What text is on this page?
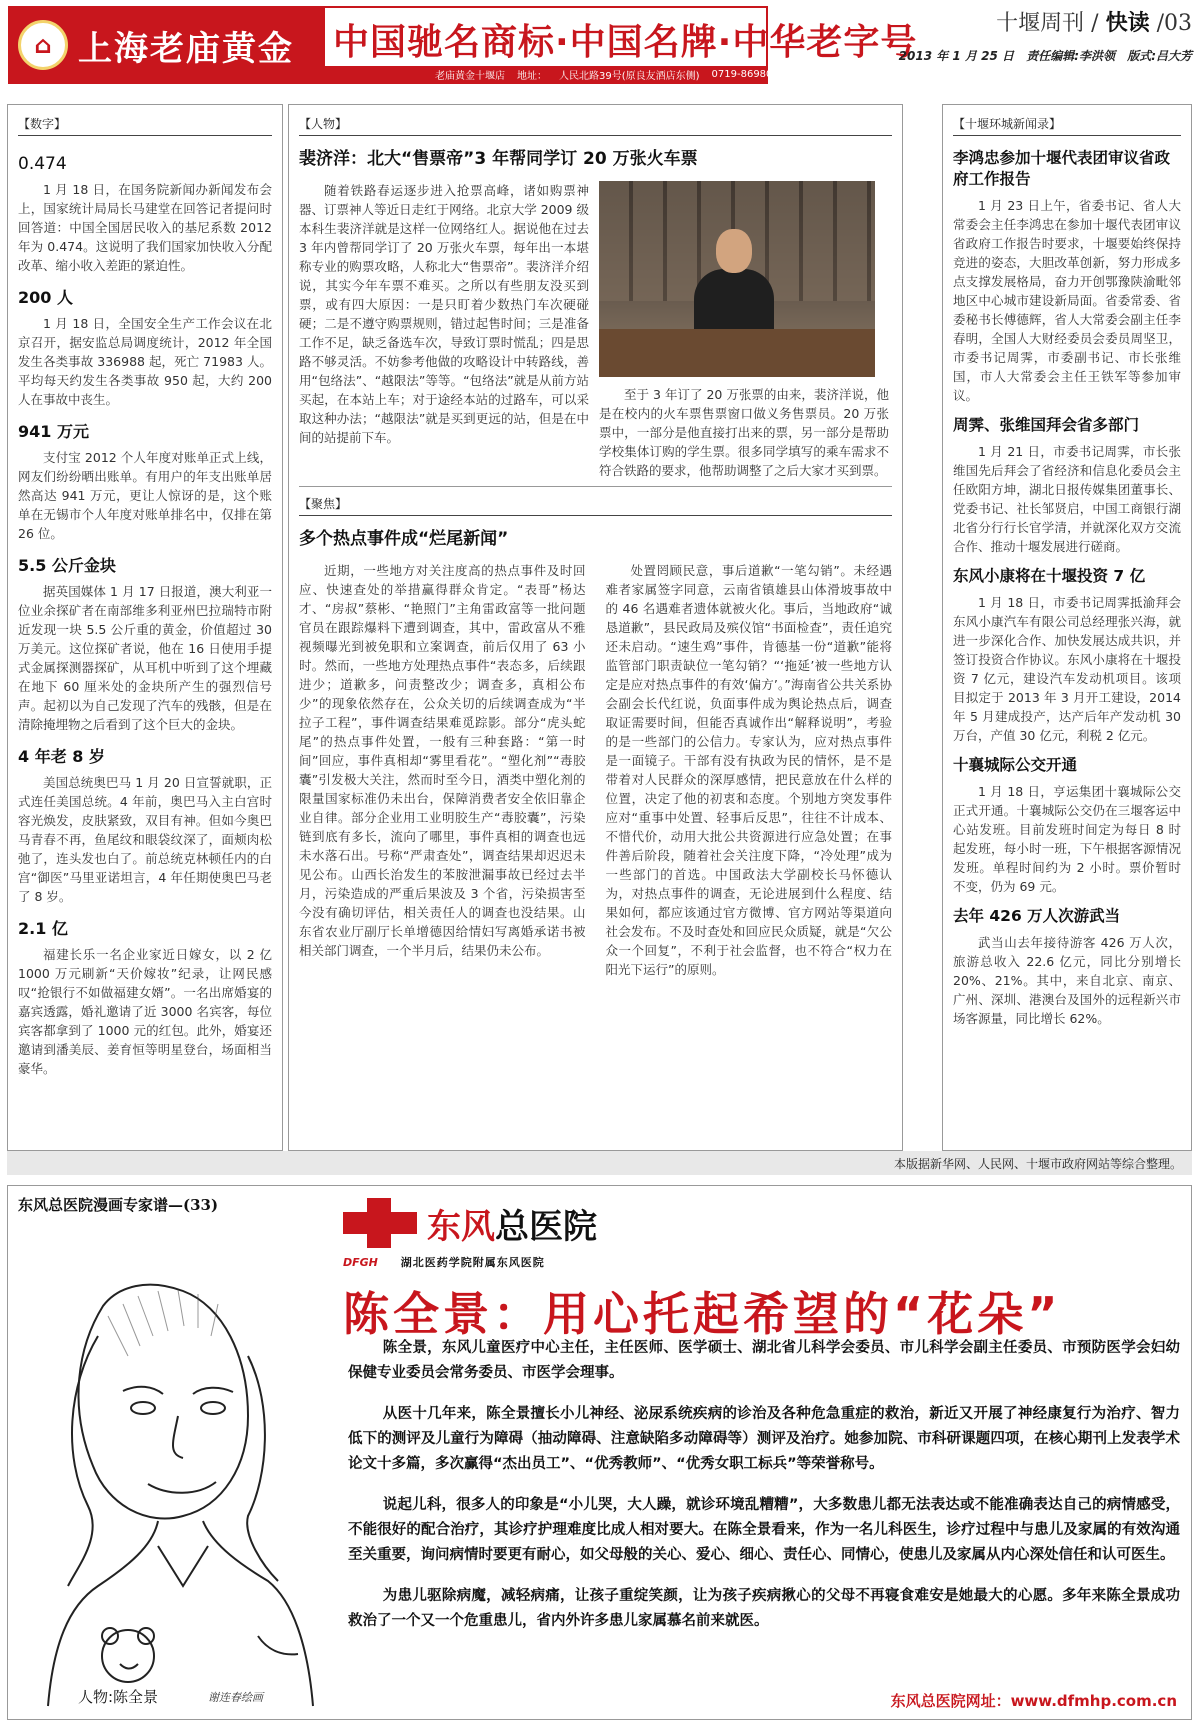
⌂ 上海老庙黄金 中国驰名商标·中国名牌·中华老字号
老庙黄金十堰店 地址： 人民北路39号(原良友酒店东侧) 0719-8698067
十堰周刊 / 快读 /03
2013 年 1 月 25 日 责任编辑:李洪领 版式:吕大芳
【数字】
0.474

1 月 18 日，在国务院新闻办新闻发布会上，国家统计局局长马建堂在回答记者提问时回答道：中国全国居民收入的基尼系数 2012 年为 0.474。这说明了我们国家加快收入分配改革、缩小收入差距的紧迫性。

200 人

1 月 18 日，全国安全生产工作会议在北京召开，据安监总局调度统计，2012 年全国发生各类事故 336988 起，死亡 71983 人。平均每天约发生各类事故 950 起，大约 200 人在事故中丧生。

941 万元

支付宝 2012 个人年度对账单正式上线，网友们纷纷晒出账单。有用户的年支出账单居然高达 941 万元，更让人惊讶的是，这个账单在无锡市个人年度对账单排名中，仅排在第 26 位。

5.5 公斤金块

据英国媒体 1 月 17 日报道，澳大利亚一位业余探矿者在南部维多利亚州巴拉瑞特市附近发现一块 5.5 公斤重的黄金，价值超过 30 万美元。这位探矿者说，他在 16 日使用手提式金属探测器探矿，从耳机中听到了这个埋藏在地下 60 厘米处的金块所产生的强烈信号声。起初以为自己发现了汽车的残骸，但是在清除掩埋物之后看到了这个巨大的金块。

4 年老 8 岁

美国总统奥巴马 1 月 20 日宣誓就职，正式连任美国总统。4 年前，奥巴马入主白宫时容光焕发，皮肤紧致，双目有神。但如今奥巴马青春不再，鱼尾纹和眼袋纹深了，面颊肉松弛了，连头发也白了。前总统克林顿任内的白宫“御医”马里亚诺坦言，4 年任期使奥巴马老了 8 岁。

2.1 亿

福建长乐一名企业家近日嫁女，以 2 亿 1000 万元刷新“天价嫁妆”纪录，让网民感叹“抢银行不如做福建女婿”。一名出席婚宴的嘉宾透露，婚礼邀请了近 3000 名宾客，每位宾客都拿到了 1000 元的红包。此外，婚宴还邀请到潘美辰、姜育恒等明星登台，场面相当豪华。

【人物】
裴济洋：北大“售票帝”3 年帮同学订 20 万张火车票

随着铁路春运逐步进入抢票高峰，诸如购票神器、订票神人等近日走红于网络。北京大学 2009 级本科生裴济洋就是这样一位网络红人。据说他在过去 3 年内曾帮同学订了 20 万张火车票，每年出一本堪称专业的购票攻略，人称北大“售票帝”。裴济洋介绍说，其实今年车票不难买。之所以有些朋友没买到票，或有四大原因：一是只盯着少数热门车次硬碰硬；二是不遵守购票规则，错过起售时间；三是准备工作不足，缺乏备选车次，导致订票时慌乱；四是思路不够灵活。不妨参考他做的攻略设计中转路线，善用“包络法”、“越限法”等等。“包络法”就是从前方站买起，在本站上车；对于途经本站的过路车，可以采取这种办法；“越限法”就是买到更远的站，但是在中间的站提前下车。

至于 3 年订了 20 万张票的由来，裴济洋说，他是在校内的火车票售票窗口做义务售票员。20 万张票中，一部分是他直接打出来的票，另一部分是帮助学校集体订购的学生票。很多同学填写的乘车需求不符合铁路的要求，他帮助调整了之后大家才买到票。

【聚焦】
多个热点事件成“烂尾新闻”

近期，一些地方对关注度高的热点事件及时回应、快速查处的举措赢得群众肯定。“表哥”杨达才、“房叔”蔡彬、“艳照门”主角雷政富等一批问题官员在跟踪爆料下遭到调查，其中，雷政富从不雅视频曝光到被免职和立案调查，前后仅用了 63 小时。然而，一些地方处理热点事件“表态多，后续跟进少；道歉多，问责整改少；调查多，真相公布少”的现象依然存在，公众关切的后续调查成为“半拉子工程”，事件调查结果难觅踪影。部分“虎头蛇尾”的热点事件处置，一般有三种套路：“第一时间”回应，事件真相却“雾里看花”。“塑化剂”“毒胶囊”引发极大关注，然而时至今日，酒类中塑化剂的限量国家标准仍未出台，保障消费者安全依旧靠企业自律。部分企业用工业明胶生产“毒胶囊”，污染链到底有多长，流向了哪里，事件真相的调查也远未水落石出。号称“严肃查处”，调查结果却迟迟未见公布。山西长治发生的苯胺泄漏事故已经过去半月，污染造成的严重后果波及 3 个省，污染损害至今没有确切评估，相关责任人的调查也没结果。山东省农业厅副厅长单增德因给情妇写离婚承诺书被相关部门调查，一个半月后，结果仍未公布。

处置罔顾民意，事后道歉“一笔勾销”。未经遇难者家属签字同意，云南省镇雄县山体滑坡事故中的 46 名遇难者遗体就被火化。事后，当地政府“诚恳道歉”，县民政局及殡仪馆“书面检查”，责任追究还未启动。“速生鸡”事件，肯德基一份“道歉”能将监管部门职责缺位一笔勾销？“‘拖延’被一些地方认定是应对热点事件的有效‘偏方’。”海南省公共关系协会副会长代红说，负面事件成为舆论热点后，调查取证需要时间，但能否真诚作出“解释说明”，考验的是一些部门的公信力。专家认为，应对热点事件是一面镜子。干部有没有执政为民的情怀，是不是带着对人民群众的深厚感情，把民意放在什么样的位置，决定了他的初衷和态度。个别地方突发事件应对“重事中处置、轻事后反思”，往往不计成本、不惜代价，动用大批公共资源进行应急处置；在事件善后阶段，随着社会关注度下降，“冷处理”成为一些部门的首选。中国政法大学副校长马怀德认为，对热点事件的调查，无论进展到什么程度、结果如何，都应该通过官方微博、官方网站等渠道向社会发布。不及时查处和回应民众质疑，就是“欠公众一个回复”，不利于社会监督，也不符合“权力在阳光下运行”的原则。

【十堰环城新闻录】
李鸿忠参加十堰代表团审议省政府工作报告

1 月 23 日上午，省委书记、省人大常委会主任李鸿忠在参加十堰代表团审议省政府工作报告时要求，十堰要始终保持竞进的姿态，大胆改革创新，努力形成多点支撑发展格局，奋力开创鄂豫陕渝毗邻地区中心城市建设新局面。省委常委、省委秘书长傅德辉，省人大常委会副主任李春明，全国人大财经委员会委员周坚卫，市委书记周霁，市委副书记、市长张维国，市人大常委会主任王铁军等参加审议。

周霁、张维国拜会省多部门

1 月 21 日，市委书记周霁，市长张维国先后拜会了省经济和信息化委员会主任欧阳方坤，湖北日报传媒集团董事长、党委书记、社长邹贤启，中国工商银行湖北省分行行长官学清，并就深化双方交流合作、推动十堰发展进行磋商。

东风小康将在十堰投资 7 亿

1 月 18 日，市委书记周霁抵渝拜会东风小康汽车有限公司总经理张兴海，就进一步深化合作、加快发展达成共识，并签订投资合作协议。东风小康将在十堰投资 7 亿元，建设汽车发动机项目。该项目拟定于 2013 年 3 月开工建设，2014 年 5 月建成投产，达产后年产发动机 30 万台，产值 30 亿元，利税 2 亿元。

十襄城际公交开通

1 月 18 日，亨运集团十襄城际公交正式开通。十襄城际公交仍在三堰客运中心站发班。目前发班时间定为每日 8 时起发班，每小时一班，下午根据客源情况发班。单程时间约为 2 小时。票价暂时不变，仍为 69 元。

去年 426 万人次游武当

武当山去年接待游客 426 万人次，旅游总收入 22.6 亿元，同比分别增长 20%、21%。其中，来自北京、南京、广州、深圳、港澳台及国外的远程新兴市场客源量，同比增长 62%。

本版据新华网、人民网、十堰市政府网站等综合整理。
东风总医院漫画专家谱—(33)
人物:陈全景	谢连春绘画
东风总医院
DFGH 湖北医药学院附属东风医院
陈全景：用心托起希望的“花朵”

陈全景，东风儿童医疗中心主任，主任医师、医学硕士、湖北省儿科学会委员、市儿科学会副主任委员、市预防医学会妇幼保健专业委员会常务委员、市医学会理事。

从医十几年来，陈全景擅长小儿神经、泌尿系统疾病的诊治及各种危急重症的救治，新近又开展了神经康复行为治疗、智力低下的测评及儿童行为障碍（抽动障碍、注意缺陷多动障碍等）测评及治疗。她参加院、市科研课题四项，在核心期刊上发表学术论文十多篇，多次赢得“杰出员工”、“优秀教师”、“优秀女职工标兵”等荣誉称号。

说起儿科，很多人的印象是“小儿哭，大人躁，就诊环境乱糟糟”，大多数患儿都无法表达或不能准确表达自己的病情感受，不能很好的配合治疗，其诊疗护理难度比成人相对要大。在陈全景看来，作为一名儿科医生，诊疗过程中与患儿及家属的有效沟通至关重要，询问病情时要更有耐心，如父母般的关心、爱心、细心、责任心、同情心，使患儿及家属从内心深处信任和认可医生。

为患儿驱除病魔，减轻病痛，让孩子重绽笑颜，让为孩子疾病揪心的父母不再寝食难安是她最大的心愿。多年来陈全景成功救治了一个又一个危重患儿，省内外许多患儿家属慕名前来就医。

东风总医院网址：www.dfmhp.com.cn
